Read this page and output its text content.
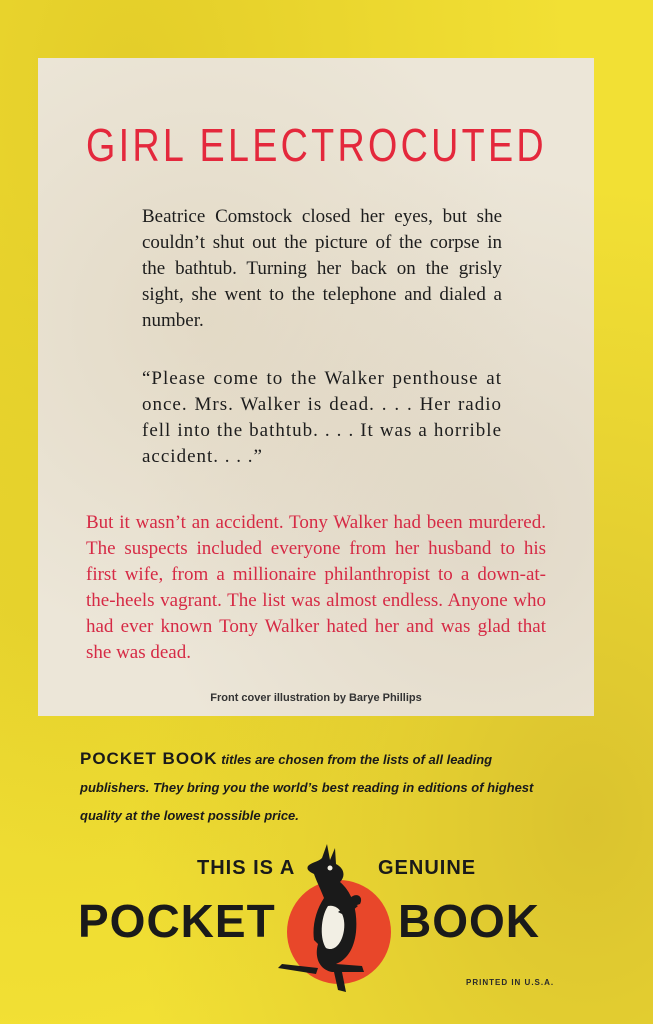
GIRL ELECTROCUTED
Beatrice Comstock closed her eyes, but she couldn’t shut out the picture of the corpse in the bathtub. Turning her back on the grisly sight, she went to the telephone and dialed a number.
“Please come to the Walker penthouse at once. Mrs. Walker is dead. . . . Her radio fell into the bathtub. . . . It was a horrible accident. . . .”
But it wasn’t an accident. Tony Walker had been murdered. The suspects included everyone from her husband to his first wife, from a millionaire philanthropist to a down-at-the-heels vagrant. The list was almost endless. Anyone who had ever known Tony Walker hated her and was glad that she was dead.
Front cover illustration by Barye Phillips
POCKET BOOK titles are chosen from the lists of all leading publishers. They bring you the world’s best reading in editions of highest quality at the lowest possible price.
THIS IS A	GENUINE
POCKET	BOOK
PRINTED IN U.S.A.
